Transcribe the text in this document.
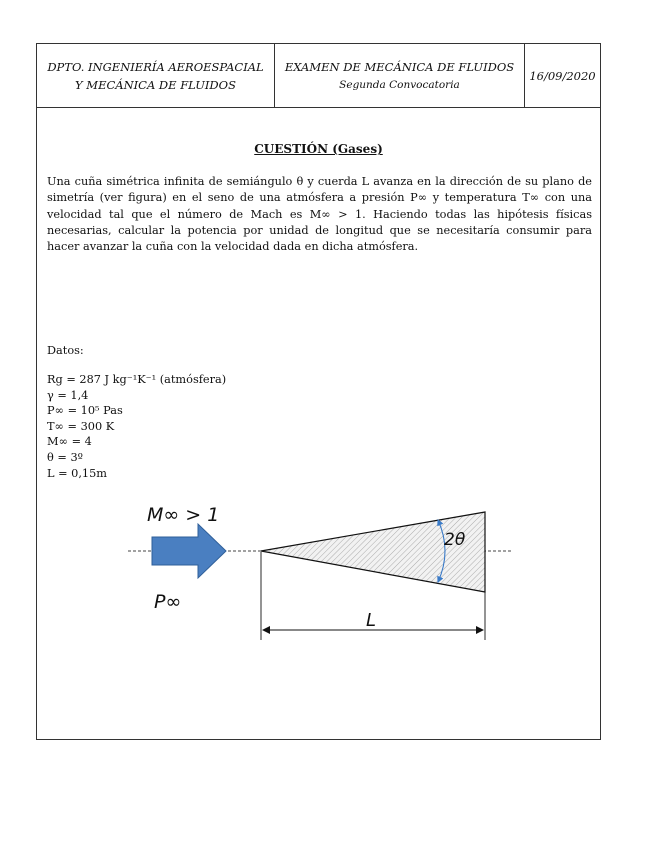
DPTO. INGENIERÍA AEROESPACIAL
Y MECÁNICA DE FLUIDOS
EXAMEN DE MECÁNICA DE FLUIDOS
Segunda Convocatoria
16/09/2020
CUESTIÓN (Gases)
Una cuña simétrica infinita de semiángulo θ y cuerda L avanza en la dirección de su plano de simetría (ver figura) en el seno de una atmósfera a presión P∞ y temperatura T∞ con una velocidad tal que el número de Mach es M∞ > 1. Haciendo todas las hipótesis físicas necesarias, calcular la potencia por unidad de longitud que se necesitaría consumir para hacer avanzar la cuña con la velocidad dada en dicha atmósfera.
Datos:
Rg = 287 J kg⁻¹K⁻¹ (atmósfera)
γ = 1,4
P∞ = 10⁵ Pas
T∞ = 300 K
M∞ = 4
θ = 3º
L = 0,15m
M∞ > 1
P∞
2θ
L
